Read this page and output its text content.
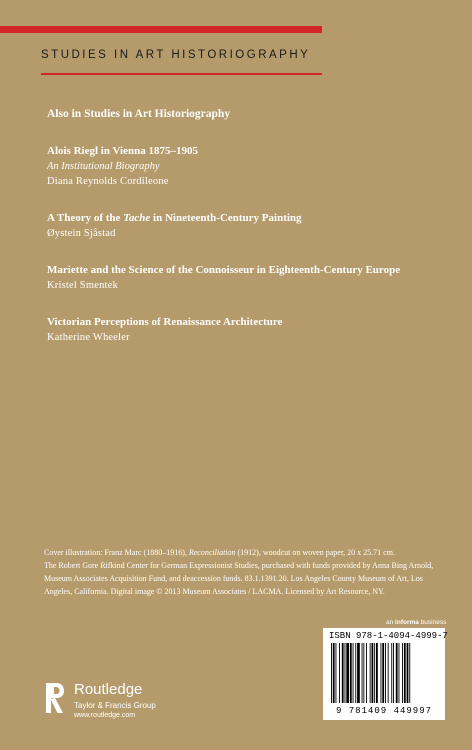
STUDIES IN ART HISTORIOGRAPHY
Also in Studies in Art Historiography
Alois Riegl in Vienna 1875–1905
An Institutional Biography
Diana Reynolds Cordileone
A Theory of the Tache in Nineteenth-Century Painting
Øystein Sjåstad
Mariette and the Science of the Connoisseur in Eighteenth-Century Europe
Kristel Smentek
Victorian Perceptions of Renaissance Architecture
Katherine Wheeler

Cover illustration: Franz Marc (1880–1916), Reconciliation (1912), woodcut on woven paper, 20 x 25.71 cm.

The Robert Gore Rifkind Center for German Expressionist Studies, purchased with funds provided by Anna Bing Arnold, Museum Associates Acquisition Fund, and deaccession funds. 83.1.1391.20. Los Angeles County Museum of Art, Los Angeles, California. Digital image © 2013 Museum Associates / LACMA. Licensed by Art Resource, NY.

an informa business
ISBN 978-1-4094-4999-7
9 781409 449997
Routledge
Taylor & Francis Group
www.routledge.com
